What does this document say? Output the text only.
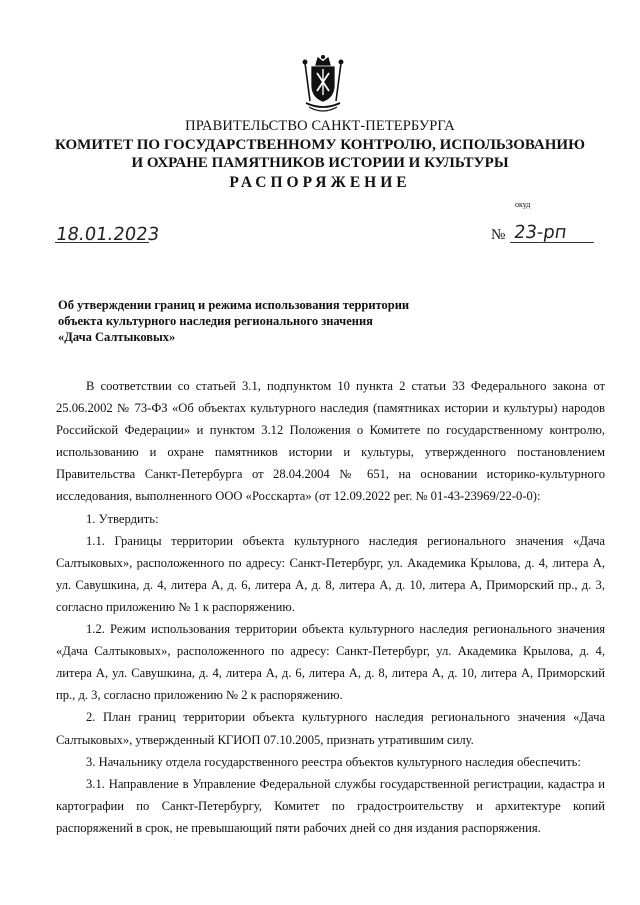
ПРАВИТЕЛЬСТВО САНКТ-ПЕТЕРБУРГА
КОМИТЕТ ПО ГОСУДАРСТВЕННОМУ КОНТРОЛЮ, ИСПОЛЬЗОВАНИЮ
И ОХРАНЕ ПАМЯТНИКОВ ИСТОРИИ И КУЛЬТУРЫ
РАСПОРЯЖЕНИЕ
окуд
18.01.2023	№ 23-рп
Об утверждении границ и режима использования территории
объекта культурного наследия регионального значения
«Дача Салтыковых»

В соответствии со статьей 3.1, подпунктом 10 пункта 2 статьи 33 Федерального закона от 25.06.2002 № 73-ФЗ «Об объектах культурного наследия (памятниках истории и культуры) народов Российской Федерации» и пунктом 3.12 Положения о Комитете по государственному контролю, использованию и охране памятников истории и культуры, утвержденного постановлением Правительства Санкт-Петербурга от 28.04.2004 № 651, на основании историко-культурного исследования, выполненного ООО «Росскарта» (от 12.09.2022 рег. № 01-43-23969/22-0-0):

1. Утвердить:

1.1. Границы территории объекта культурного наследия регионального значения «Дача Салтыковых», расположенного по адресу: Санкт-Петербург, ул. Академика Крылова, д. 4, литера А, ул. Савушкина, д. 4, литера А, д. 6, литера А, д. 8, литера А, д. 10, литера А, Приморский пр., д. 3, согласно приложению № 1 к распоряжению.

1.2. Режим использования территории объекта культурного наследия регионального значения «Дача Салтыковых», расположенного по адресу: Санкт-Петербург, ул. Академика Крылова, д. 4, литера А, ул. Савушкина, д. 4, литера А, д. 6, литера А, д. 8, литера А, д. 10, литера А, Приморский пр., д. 3, согласно приложению № 2 к распоряжению.

2. План границ территории объекта культурного наследия регионального значения «Дача Салтыковых», утвержденный КГИОП 07.10.2005, признать утратившим силу.

3. Начальнику отдела государственного реестра объектов культурного наследия обеспечить:

3.1. Направление в Управление Федеральной службы государственной регистрации, кадастра и картографии по Санкт-Петербургу, Комитет по градостроительству и архитектуре копий распоряжений в срок, не превышающий пяти рабочих дней со дня издания распоряжения.
